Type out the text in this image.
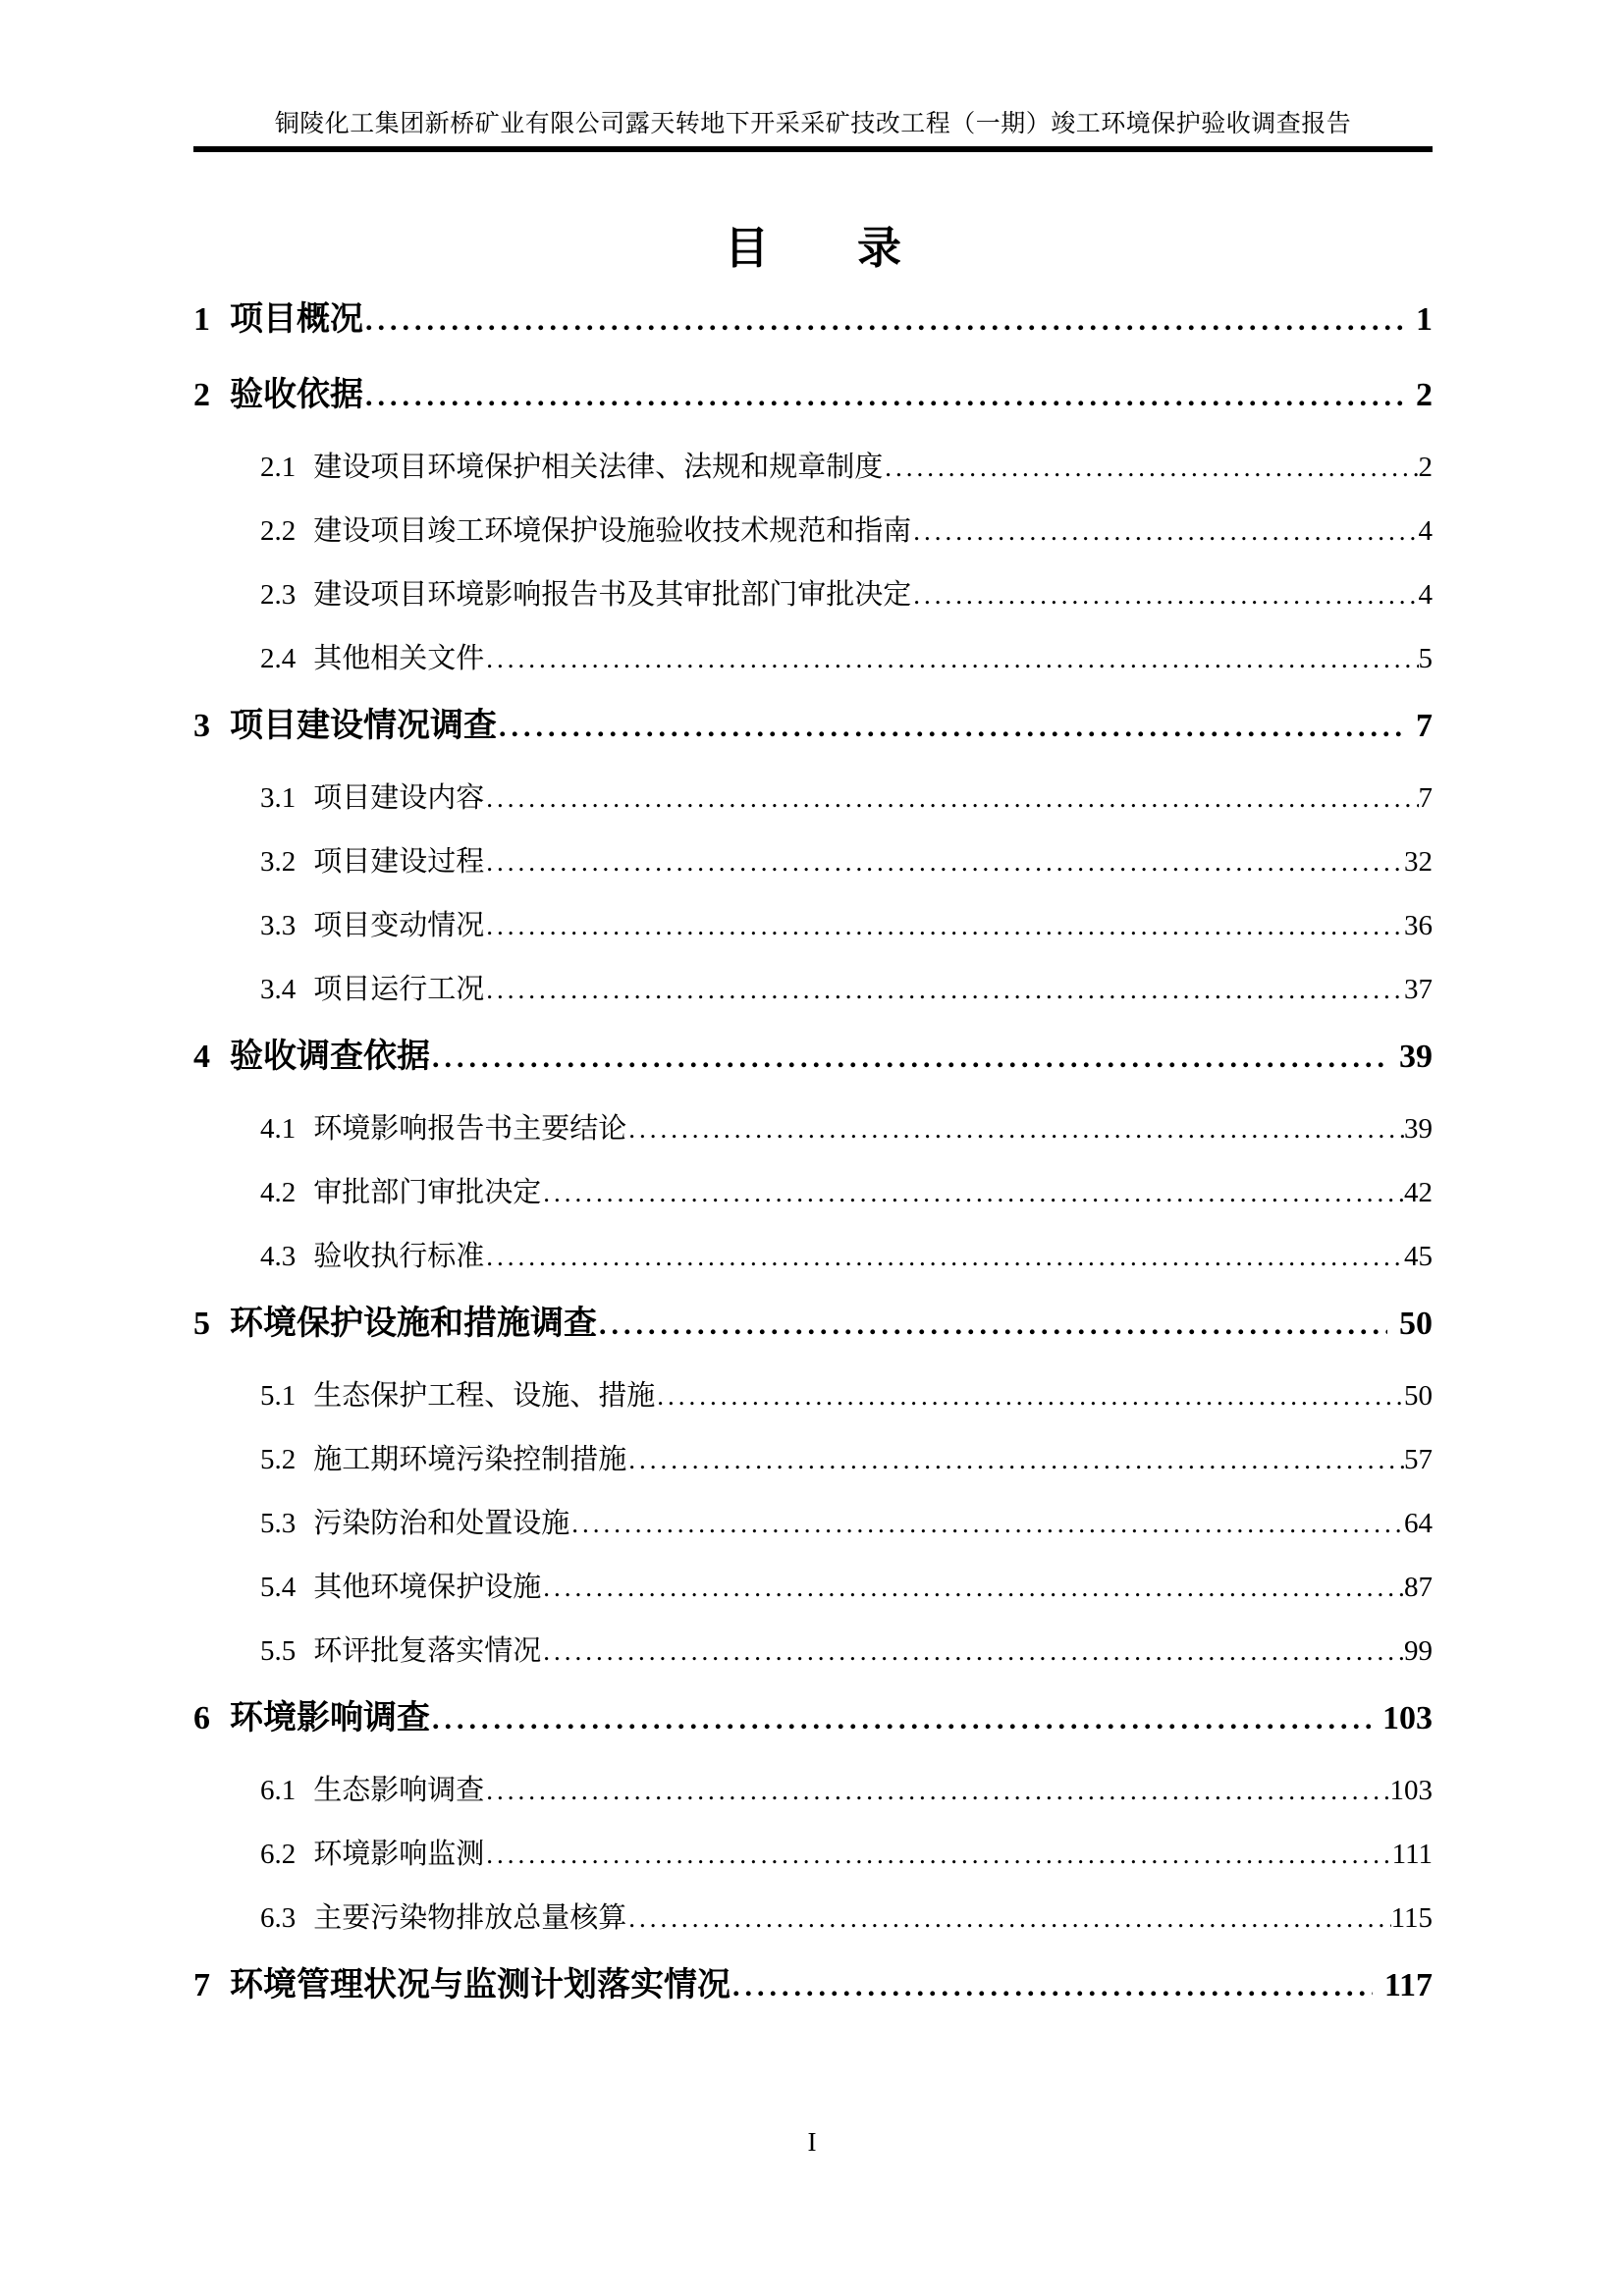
铜陵化工集团新桥矿业有限公司露天转地下开采采矿技改工程（一期）竣工环境保护验收调查报告
目　　录
1 项目概况 .....	1
2 验收依据 .....	2
2.1 建设项目环境保护相关法律、法规和规章制度 .....	2
2.2 建设项目竣工环境保护设施验收技术规范和指南 .....	4
2.3 建设项目环境影响报告书及其审批部门审批决定 .....	4
2.4 其他相关文件 .....	5
3 项目建设情况调查 .....	7
3.1 项目建设内容 .....	7
3.2 项目建设过程 .....	32
3.3 项目变动情况 .....	36
3.4 项目运行工况 .....	37
4 验收调查依据 .....	39
4.1 环境影响报告书主要结论 .....	39
4.2 审批部门审批决定 .....	42
4.3 验收执行标准 .....	45
5 环境保护设施和措施调查 .....	50
5.1 生态保护工程、设施、措施 .....	50
5.2 施工期环境污染控制措施 .....	57
5.3 污染防治和处置设施 .....	64
5.4 其他环境保护设施 .....	87
5.5 环评批复落实情况 .....	99
6 环境影响调查 .....	103
6.1 生态影响调查 .....	103
6.2 环境影响监测 .....	111
6.3 主要污染物排放总量核算 .....	115
7 环境管理状况与监测计划落实情况 .....	117
I
